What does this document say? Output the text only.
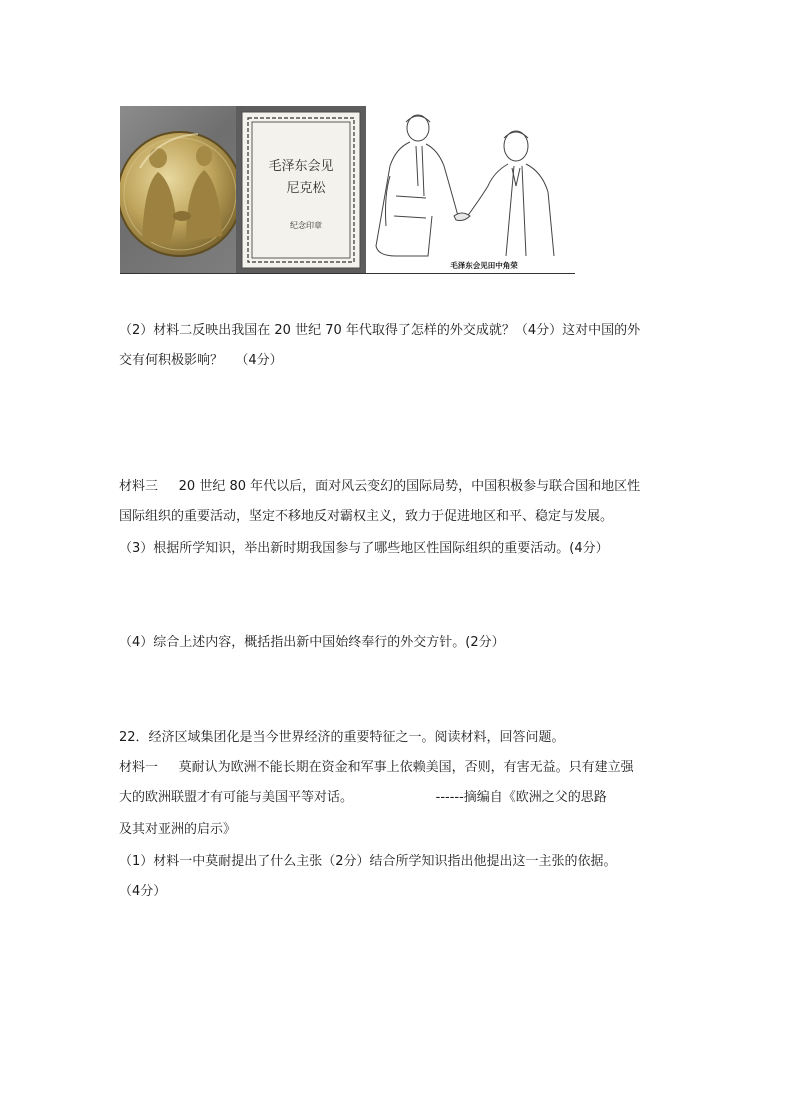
毛泽东会见
尼克松
纪念印章
毛泽东会见田中角荣
（2）材料二反映出我国在 20 世纪 70 年代取得了怎样的外交成就？（4分）这对中国的外
交有何积极影响？   （4分）
材料三     20 世纪 80 年代以后，面对风云变幻的国际局势，中国积极参与联合国和地区性
国际组织的重要活动，坚定不移地反对霸权主义，致力于促进地区和平、稳定与发展。
（3）根据所学知识，举出新时期我国参与了哪些地区性国际组织的重要活动。(4分）
（4）综合上述内容，概括指出新中国始终奉行的外交方针。(2分）
22．经济区域集团化是当今世界经济的重要特征之一。阅读材料，回答问题。
材料一     莫耐认为欧洲不能长期在资金和军事上依赖美国，否则，有害无益。只有建立强
大的欧洲联盟才有可能与美国平等对话。                    ------摘编自《欧洲之父的思路
及其对亚洲的启示》
（1）材料一中莫耐提出了什么主张（2分）结合所学知识指出他提出这一主张的依据。
（4分）
